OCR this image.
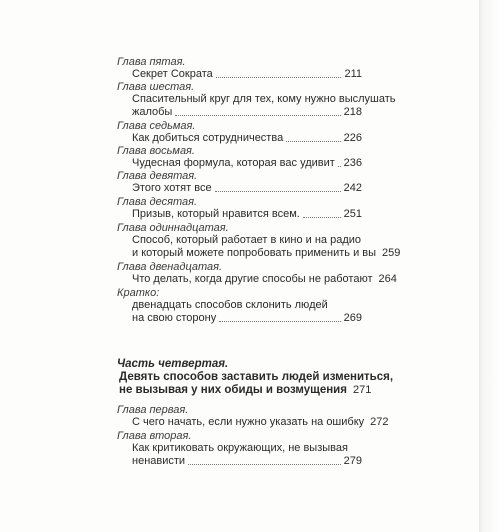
Глава пятая.
Секрет Сократа	211
Глава шестая.
Спасительный круг для тех, кому нужно выслушать
жалобы	218
Глава седьмая.
Как добиться сотрудничества	226
Глава восьмая.
Чудесная формула, которая вас удивит 236
Глава девятая.
Этого хотят все	242
Глава десятая.
Призыв, который нравится всем.	251
Глава одиннадцатая.
Способ, который работает в кино и на радио
и который можете попробовать применить и вы 259
Глава двенадцатая.
Что делать, когда другие способы не работают 264
Кратко:
двенадцать способов склонить людей
на свою сторону	269
Часть четвертая.
Девять способов заставить людей измениться,
не вызывая у них обиды и возмущения 271
Глава первая.
С чего начать, если нужно указать на ошибку 272
Глава вторая.
Как критиковать окружающих, не вызывая
ненависти	279
